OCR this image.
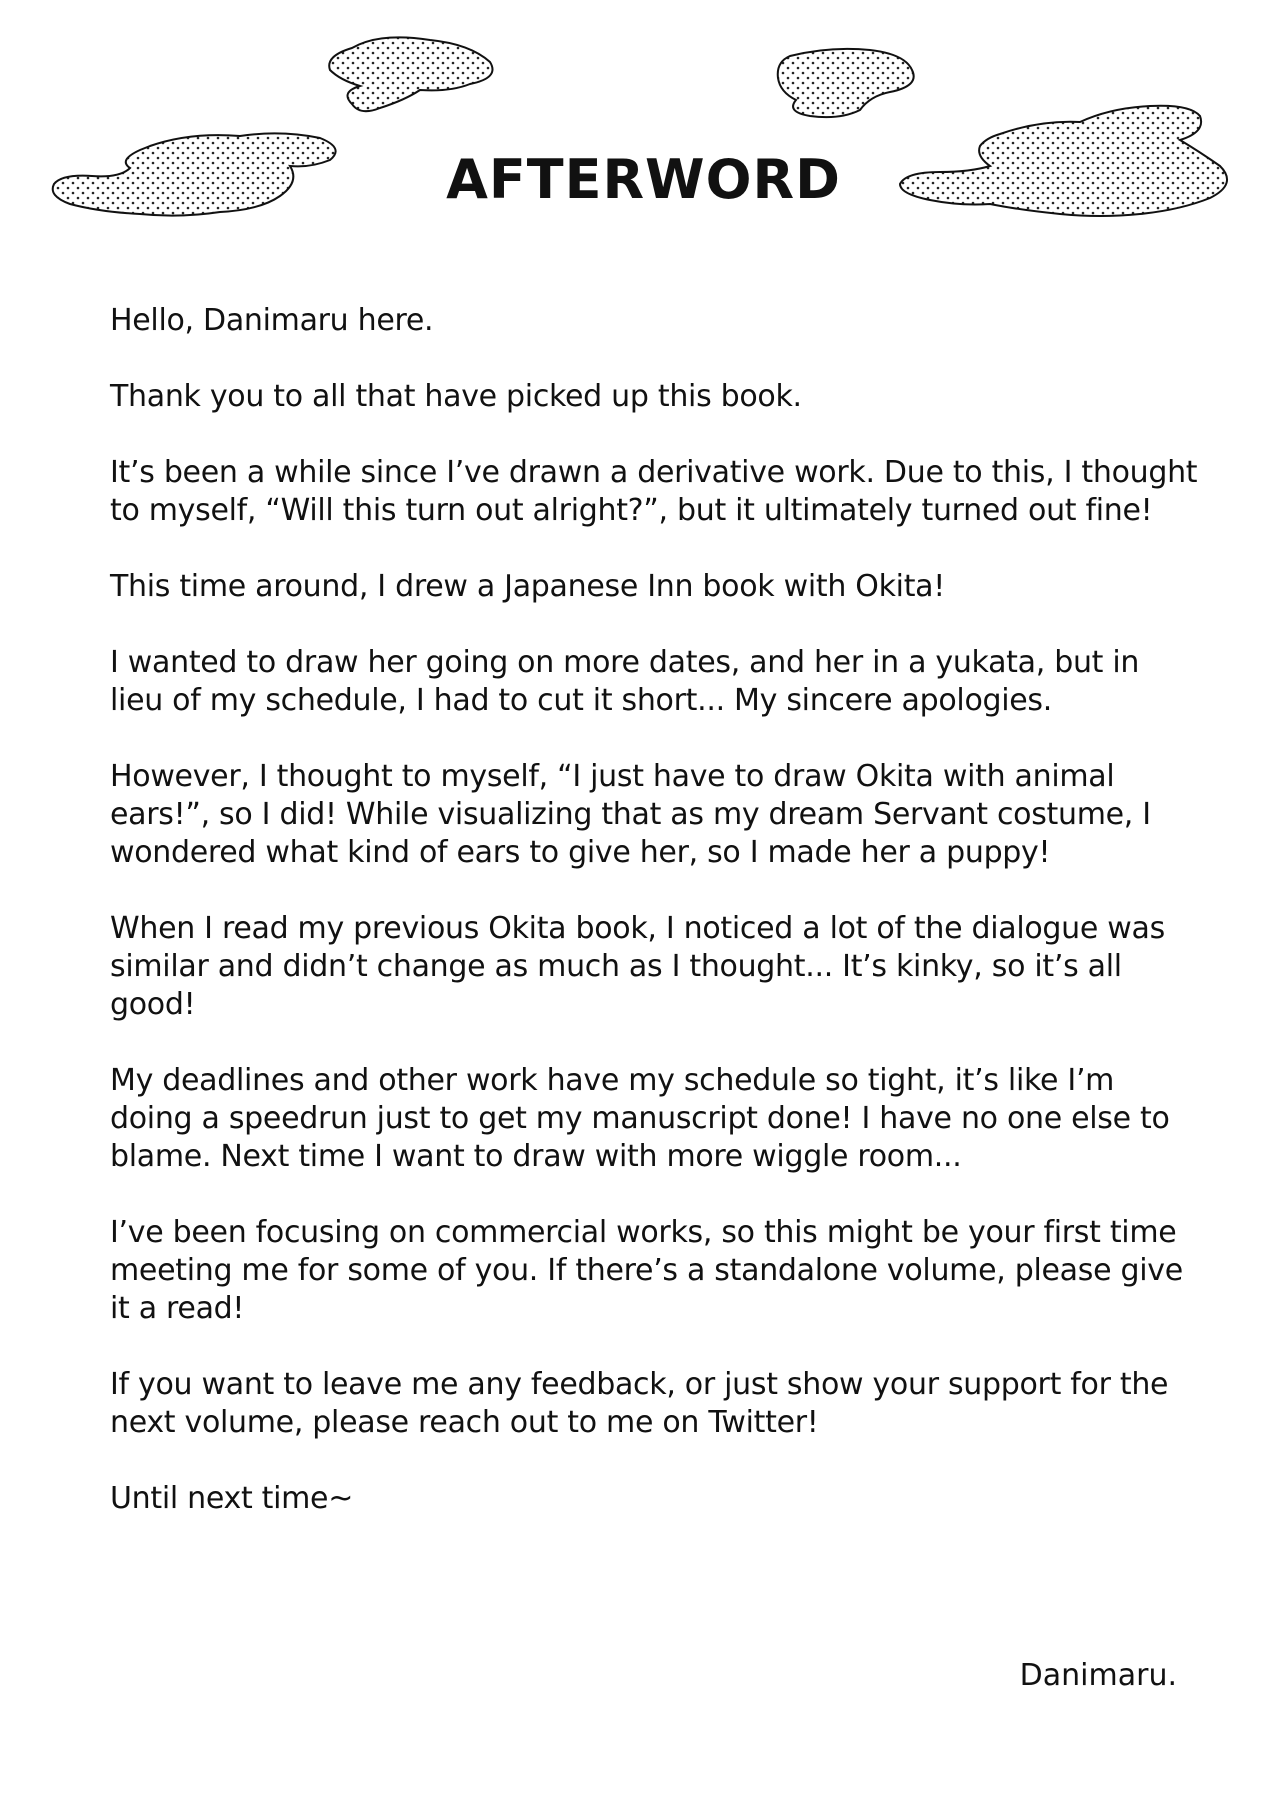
AFTERWORD

Hello, Danimaru here.

Thank you to all that have picked up this book.

It’s been a while since I’ve drawn a derivative work. Due to this, I thought to myself, “Will this turn out alright?”, but it ultimately turned out fine!

This time around, I drew a Japanese Inn book with Okita!

I wanted to draw her going on more dates, and her in a yukata, but in lieu of my schedule, I had to cut it short... My sincere apologies.

However, I thought to myself, “I just have to draw Okita with animal ears!”, so I did! While visualizing that as my dream Servant costume, I wondered what kind of ears to give her, so I made her a puppy!

When I read my previous Okita book, I noticed a lot of the dialogue was similar and didn’t change as much as I thought... It’s kinky, so it’s all good!

My deadlines and other work have my schedule so tight, it’s like I’m doing a speedrun just to get my manuscript done! I have no one else to blame. Next time I want to draw with more wiggle room...

I’ve been focusing on commercial works, so this might be your first time meeting me for some of you. If there’s a standalone volume, please give it a read!

If you want to leave me any feedback, or just show your support for the next volume, please reach out to me on Twitter!

Until next time~

Danimaru.
